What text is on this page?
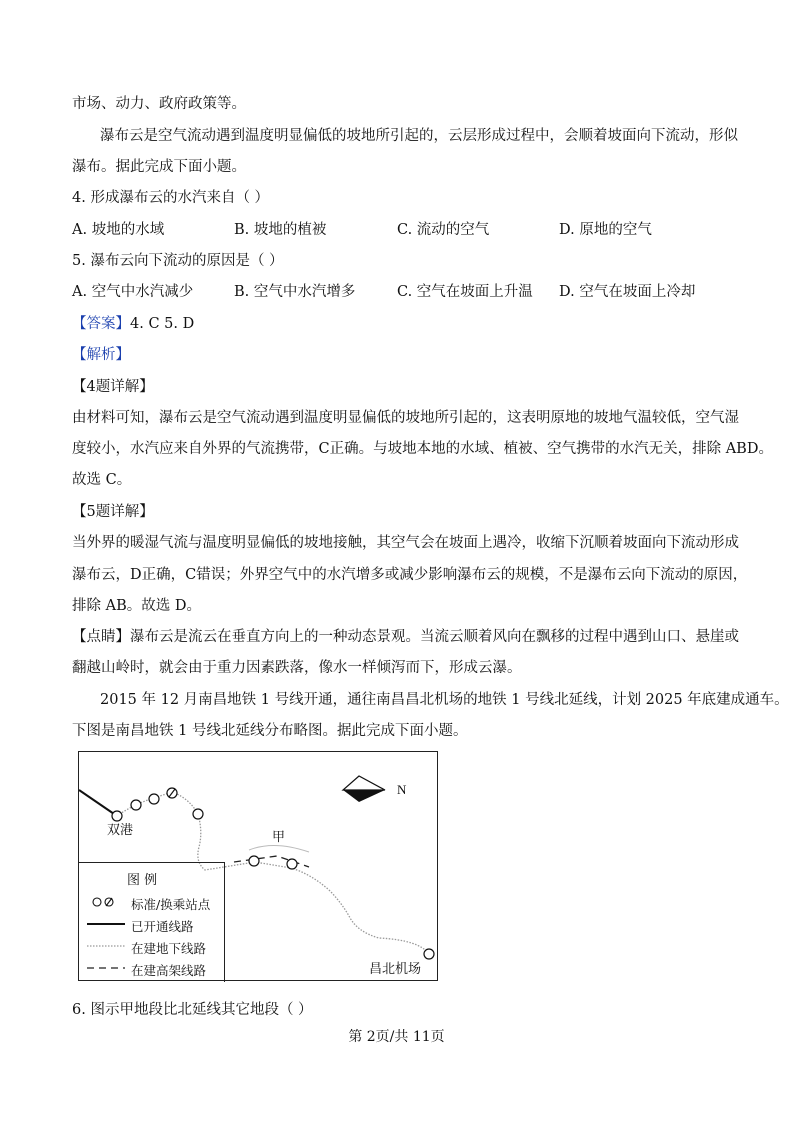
市场、动力、政府政策等。
瀑布云是空气流动遇到温度明显偏低的坡地所引起的，云层形成过程中，会顺着坡面向下流动，形似
瀑布。据此完成下面小题。
4. 形成瀑布云的水汽来自（ ）
A. 坡地的水域	B. 坡地的植被	C. 流动的空气	D. 原地的空气
5. 瀑布云向下流动的原因是（ ）
A. 空气中水汽减少	B. 空气中水汽增多	C. 空气在坡面上升温 D. 空气在坡面上冷却
【答案】4. C 5. D
【解析】
【4题详解】
由材料可知，瀑布云是空气流动遇到温度明显偏低的坡地所引起的，这表明原地的坡地气温较低，空气湿
度较小，水汽应来自外界的气流携带，C正确。与坡地本地的水域、植被、空气携带的水汽无关，排除 ABD。
故选 C。
【5题详解】
当外界的暖湿气流与温度明显偏低的坡地接触，其空气会在坡面上遇冷，收缩下沉顺着坡面向下流动形成
瀑布云，D正确，C错误；外界空气中的水汽增多或减少影响瀑布云的规模，不是瀑布云向下流动的原因，
排除 AB。故选 D。
【点睛】瀑布云是流云在垂直方向上的一种动态景观。当流云顺着风向在飘移的过程中遇到山口、悬崖或
翻越山岭时，就会由于重力因素跌落，像水一样倾泻而下，形成云瀑。
2015 年 12 月南昌地铁 1 号线开通，通往南昌昌北机场的地铁 1 号线北延线，计划 2025 年底建成通车。
下图是南昌地铁 1 号线北延线分布略图。据此完成下面小题。
双港	甲
昌北机场
N
图 例
标准/换乘站点
已开通线路
在建地下线路
在建高架线路
6. 图示甲地段比北延线其它地段（ ）
第 2页/共 11页
